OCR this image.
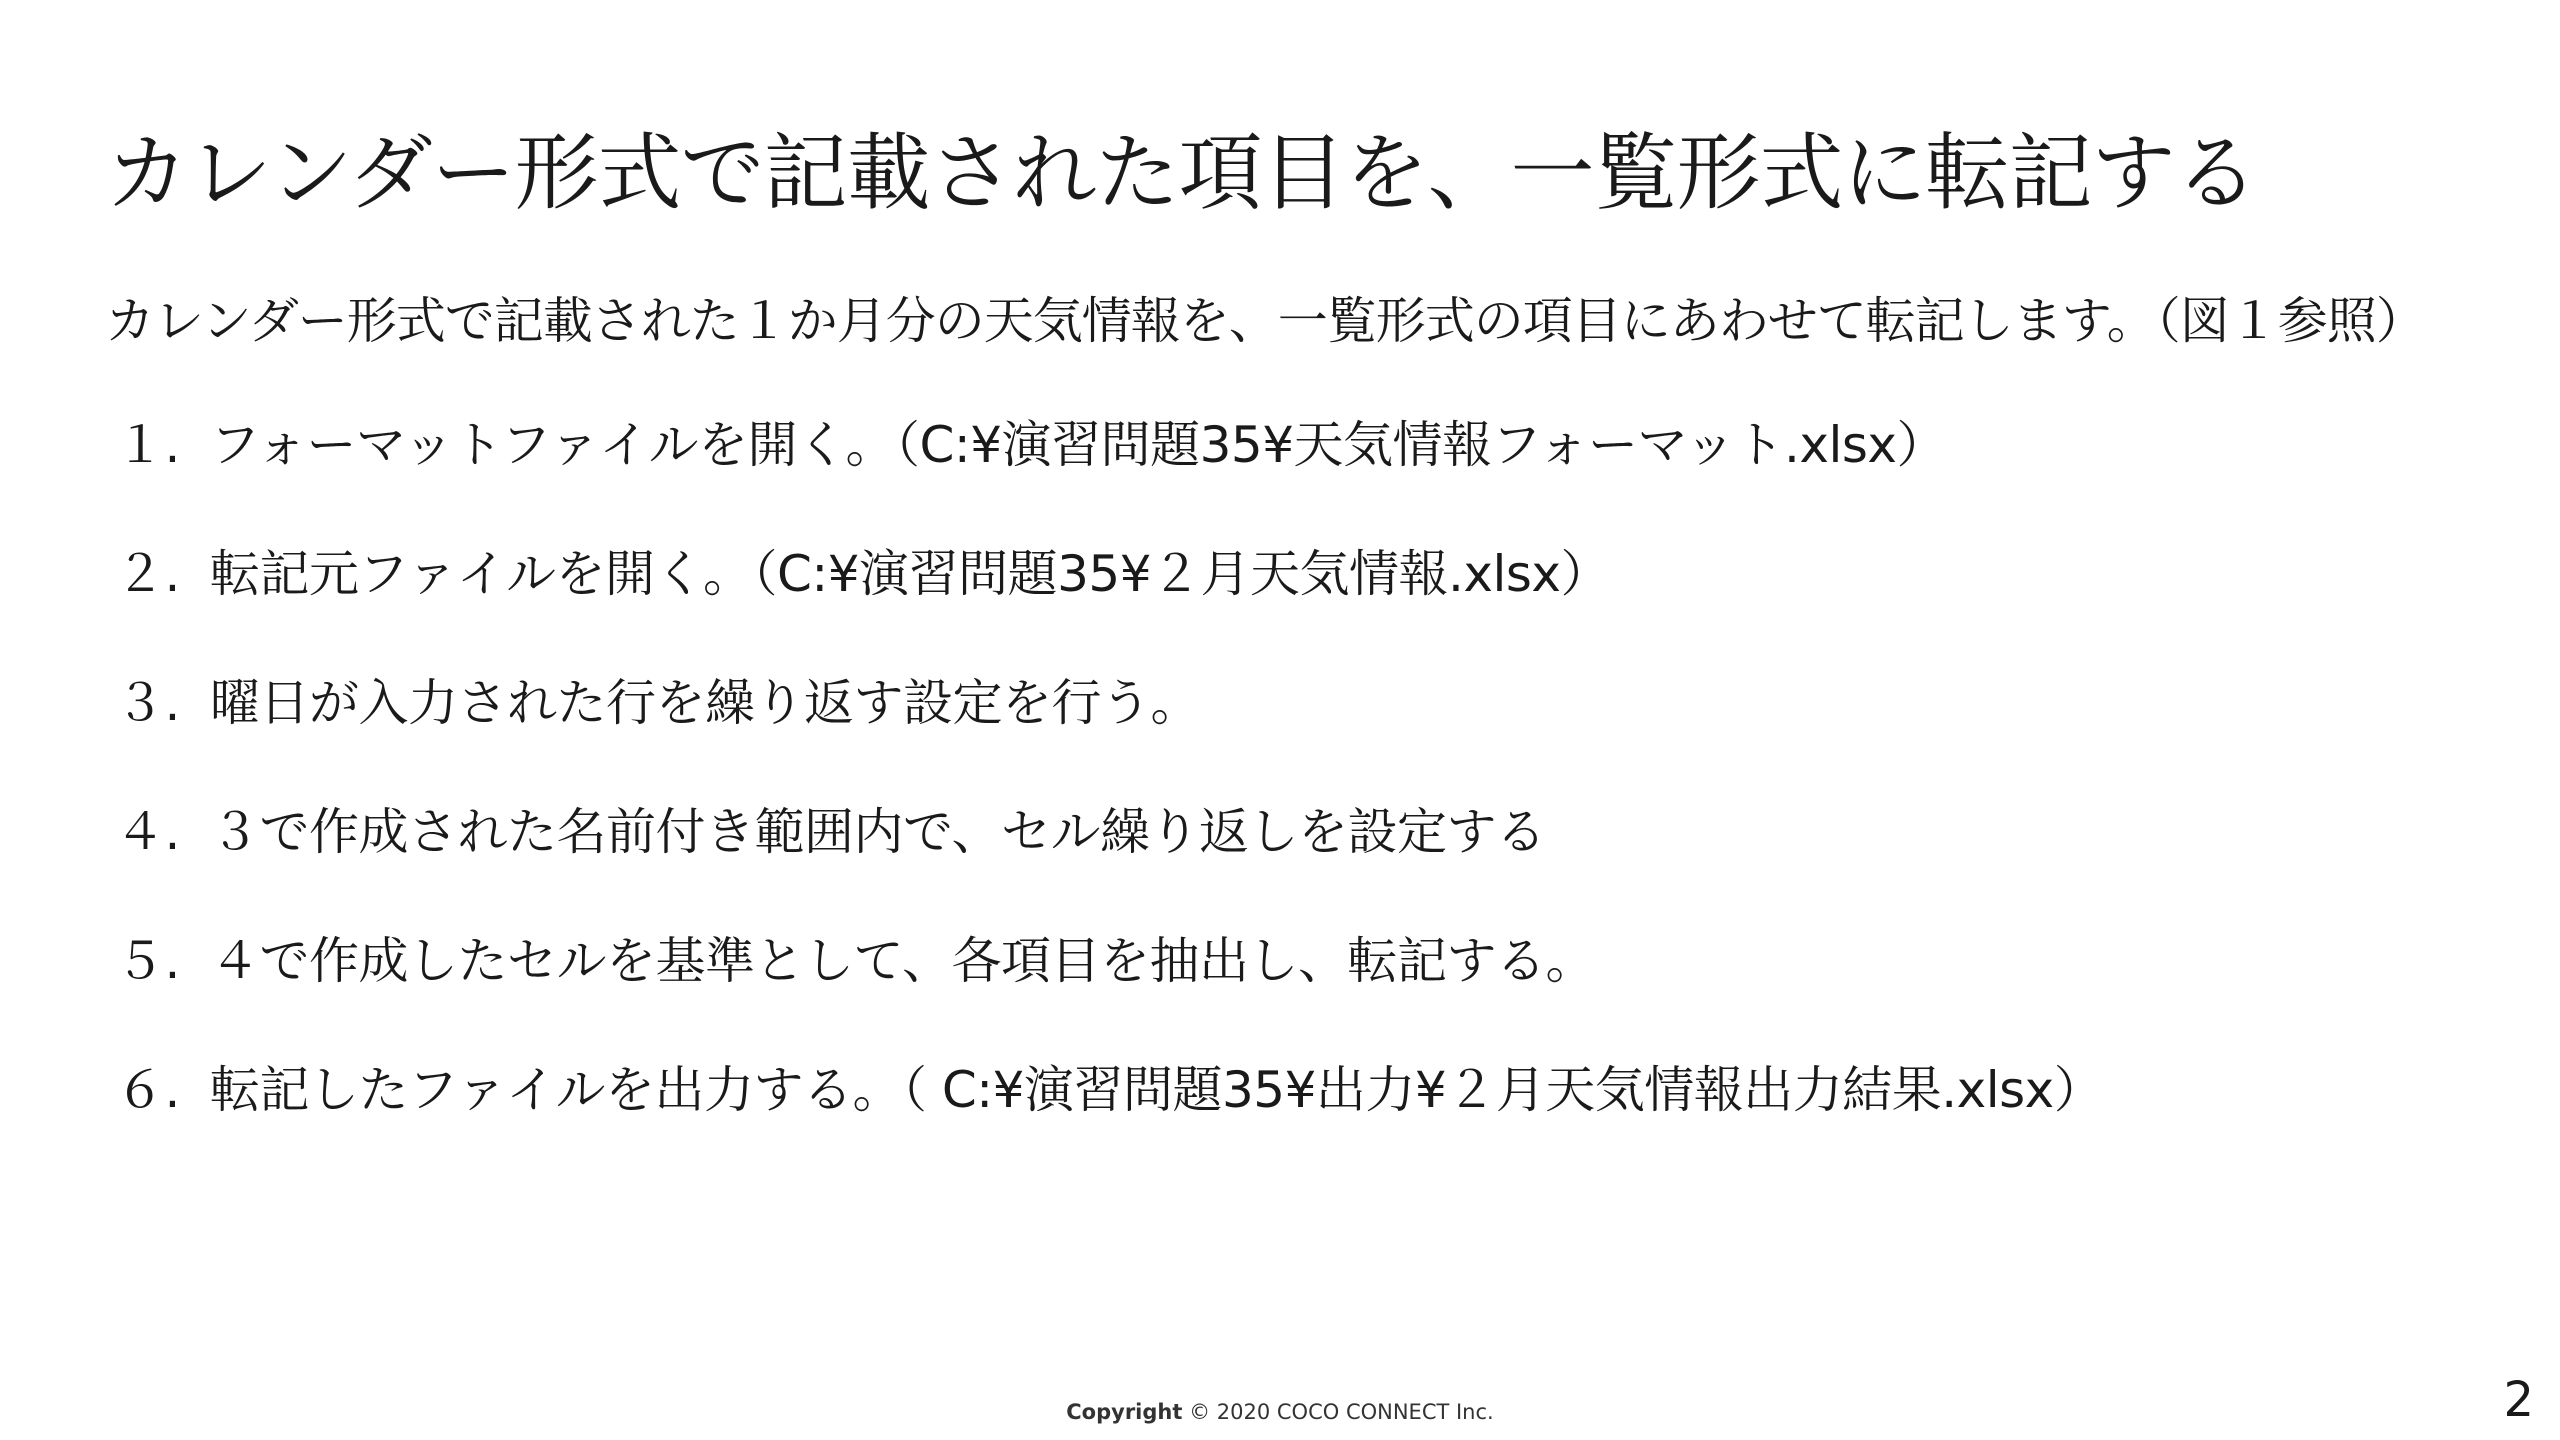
カレンダー形式で記載された項目を、一覧形式に転記する
カレンダー形式で記載された１か月分の天気情報を、一覧形式の項目にあわせて転記します。（図１参照）
１. フォーマットファイルを開く。（C:¥演習問題35¥天気情報フォーマット.xlsx）
２. 転記元ファイルを開く。（C:¥演習問題35¥２月天気情報.xlsx）
３. 曜日が入力された行を繰り返す設定を行う。
４. ３で作成された名前付き範囲内で、セル繰り返しを設定する
５. ４で作成したセルを基準として、各項目を抽出し、転記する。
６. 転記したファイルを出力する。（ C:¥演習問題35¥出力¥２月天気情報出力結果.xlsx）
Copyright © 2020 COCO CONNECT Inc.	2
